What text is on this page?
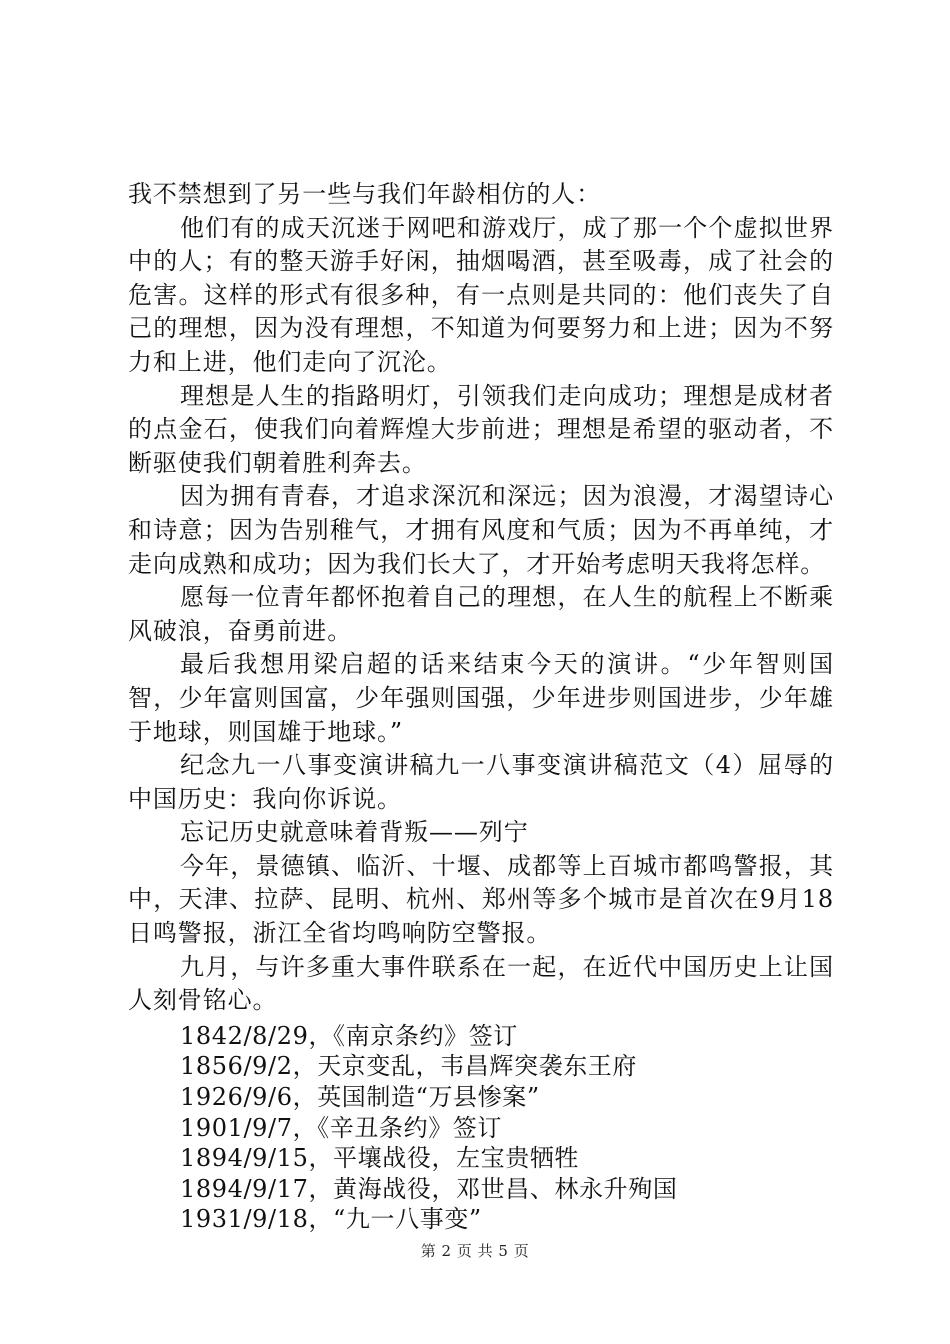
我不禁想到了另一些与我们年龄相仿的人：

他们有的成天沉迷于网吧和游戏厅，成了那一个个虚拟世界中的人；有的整天游手好闲，抽烟喝酒，甚至吸毒，成了社会的危害。这样的形式有很多种，有一点则是共同的：他们丧失了自己的理想，因为没有理想，不知道为何要努力和上进；因为不努力和上进，他们走向了沉沦。

理想是人生的指路明灯，引领我们走向成功；理想是成材者的点金石，使我们向着辉煌大步前进；理想是希望的驱动者，不断驱使我们朝着胜利奔去。

因为拥有青春，才追求深沉和深远；因为浪漫，才渴望诗心和诗意；因为告别稚气，才拥有风度和气质；因为不再单纯，才走向成熟和成功；因为我们长大了，才开始考虑明天我将怎样。

愿每一位青年都怀抱着自己的理想，在人生的航程上不断乘风破浪，奋勇前进。

最后我想用梁启超的话来结束今天的演讲。“少年智则国智，少年富则国富，少年强则国强，少年进步则国进步，少年雄于地球，则国雄于地球。”

纪念九一八事变演讲稿九一八事变演讲稿范文（4）屈辱的中国历史：我向你诉说。

忘记历史就意味着背叛——列宁

今年，景德镇、临沂、十堰、成都等上百城市都鸣警报，其中，天津、拉萨、昆明、杭州、郑州等多个城市是首次在9月18日鸣警报，浙江全省均鸣响防空警报。

九月，与许多重大事件联系在一起，在近代中国历史上让国人刻骨铭心。

1842/8/29，《南京条约》签订

1856/9/2，天京变乱，韦昌辉突袭东王府

1926/9/6，英国制造“万县惨案”

1901/9/7，《辛丑条约》签订

1894/9/15，平壤战役，左宝贵牺牲

1894/9/17，黄海战役，邓世昌、林永升殉国

1931/9/18，“九一八事变”

第 2 页 共 5 页
